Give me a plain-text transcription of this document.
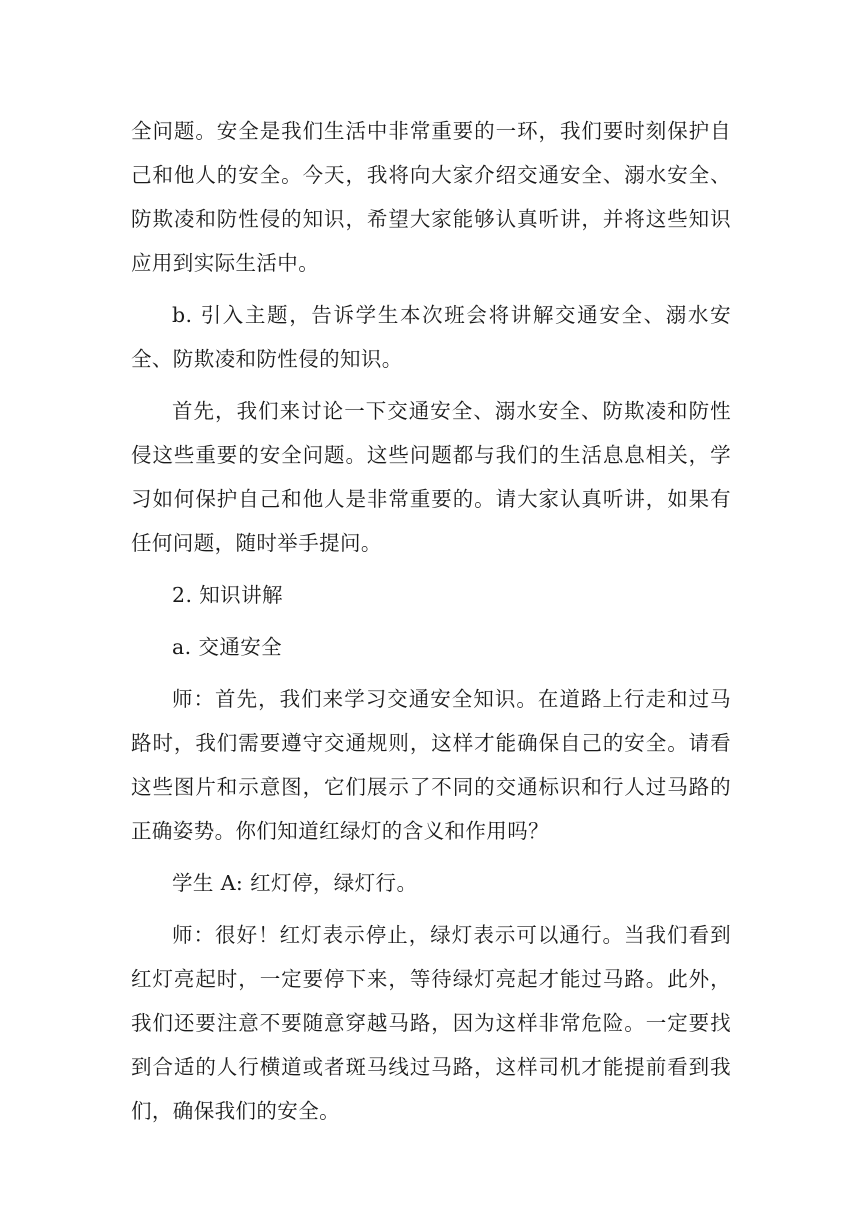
全问题。安全是我们生活中非常重要的一环，我们要时刻保护自己和他人的安全。今天，我将向大家介绍交通安全、溺水安全、防欺凌和防性侵的知识，希望大家能够认真听讲，并将这些知识应用到实际生活中。

b. 引入主题，告诉学生本次班会将讲解交通安全、溺水安全、防欺凌和防性侵的知识。

首先，我们来讨论一下交通安全、溺水安全、防欺凌和防性侵这些重要的安全问题。这些问题都与我们的生活息息相关，学习如何保护自己和他人是非常重要的。请大家认真听讲，如果有任何问题，随时举手提问。

2. 知识讲解

a. 交通安全

师：首先，我们来学习交通安全知识。在道路上行走和过马路时，我们需要遵守交通规则，这样才能确保自己的安全。请看这些图片和示意图，它们展示了不同的交通标识和行人过马路的正确姿势。你们知道红绿灯的含义和作用吗？

学生 A: 红灯停，绿灯行。

师：很好！红灯表示停止，绿灯表示可以通行。当我们看到红灯亮起时，一定要停下来，等待绿灯亮起才能过马路。此外，我们还要注意不要随意穿越马路，因为这样非常危险。一定要找到合适的人行横道或者斑马线过马路，这样司机才能提前看到我们，确保我们的安全。
